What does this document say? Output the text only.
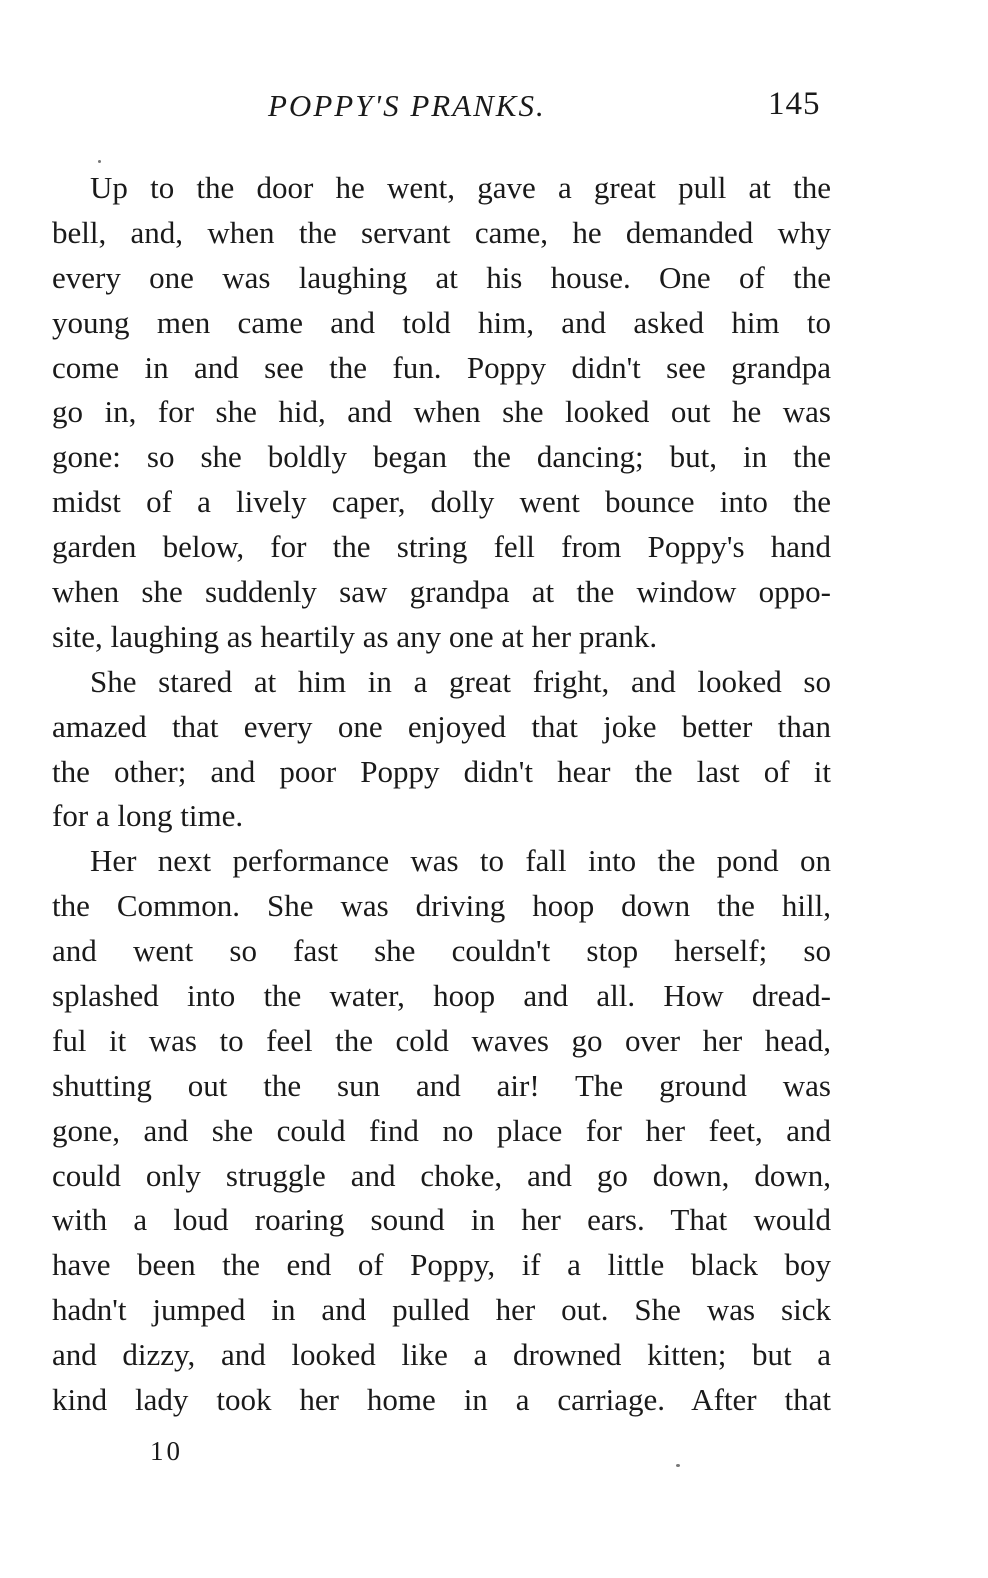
POPPY'S PRANKS.	145
Up to the door he went, gave a great pull at the
bell, and, when the servant came, he demanded why
every one was laughing at his house. One of the
young men came and told him, and asked him to
come in and see the fun. Poppy didn't see grandpa
go in, for she hid, and when she looked out he was
gone: so she boldly began the dancing; but, in the
midst of a lively caper, dolly went bounce into the
garden below, for the string fell from Poppy's hand
when she suddenly saw grandpa at the window oppo-
site, laughing as heartily as any one at her prank.
She stared at him in a great fright, and looked so
amazed that every one enjoyed that joke better than
the other; and poor Poppy didn't hear the last of it
for a long time.
Her next performance was to fall into the pond on
the Common. She was driving hoop down the hill,
and went so fast she couldn't stop herself; so
splashed into the water, hoop and all. How dread-
ful it was to feel the cold waves go over her head,
shutting out the sun and air! The ground was
gone, and she could find no place for her feet, and
could only struggle and choke, and go down, down,
with a loud roaring sound in her ears. That would
have been the end of Poppy, if a little black boy
hadn't jumped in and pulled her out. She was sick
and dizzy, and looked like a drowned kitten; but a
kind lady took her home in a carriage. After that
10
